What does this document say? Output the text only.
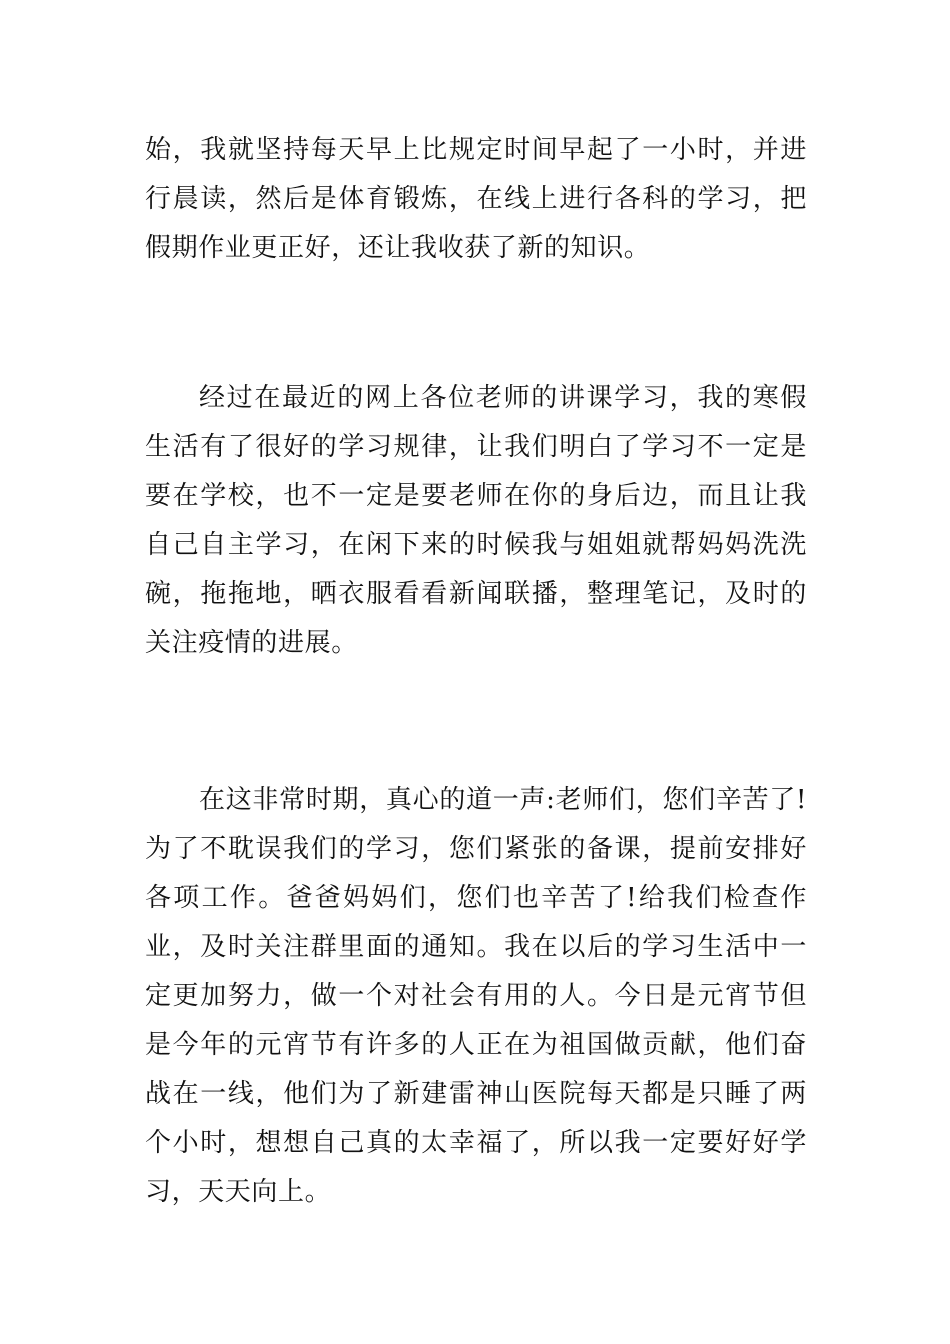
始，我就坚持每天早上比规定时间早起了一小时，并进行晨读，然后是体育锻炼，在线上进行各科的学习，把假期作业更正好，还让我收获了新的知识。

经过在最近的网上各位老师的讲课学习，我的寒假生活有了很好的学习规律，让我们明白了学习不一定是要在学校，也不一定是要老师在你的身后边，而且让我自己自主学习，在闲下来的时候我与姐姐就帮妈妈洗洗碗，拖拖地，晒衣服看看新闻联播，整理笔记，及时的关注疫情的进展。

在这非常时期，真心的道一声:老师们，您们辛苦了!为了不耽误我们的学习，您们紧张的备课，提前安排好各项工作。爸爸妈妈们，您们也辛苦了!给我们检查作业，及时关注群里面的通知。我在以后的学习生活中一定更加努力，做一个对社会有用的人。今日是元宵节但是今年的元宵节有许多的人正在为祖国做贡献，他们奋战在一线，他们为了新建雷神山医院每天都是只睡了两个小时，想想自己真的太幸福了，所以我一定要好好学习，天天向上。
